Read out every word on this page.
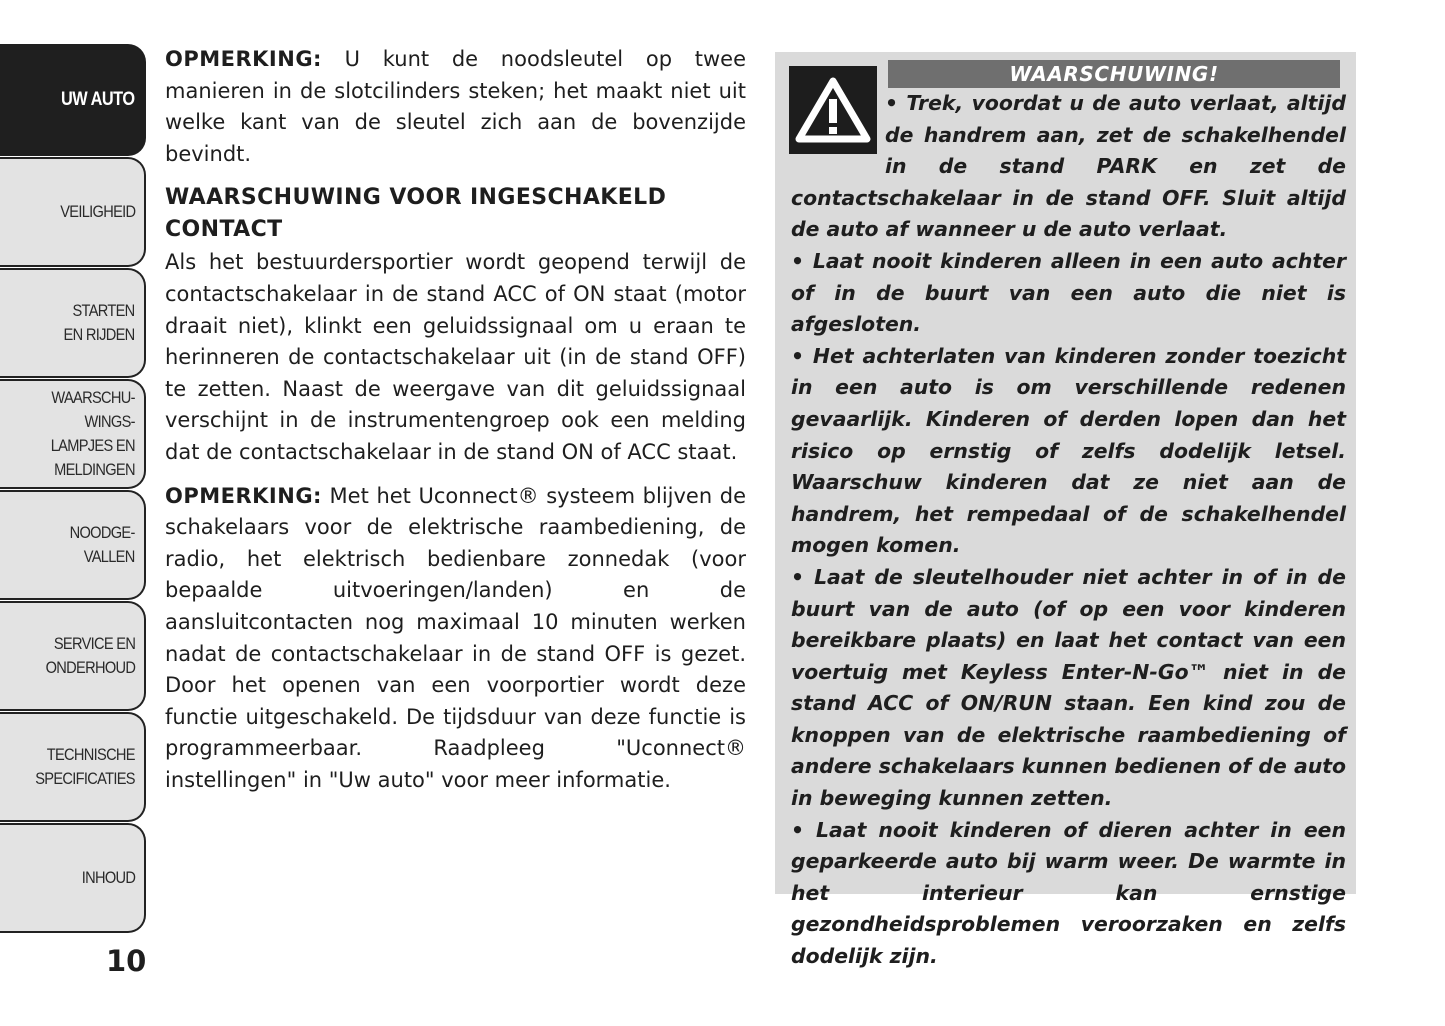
UW AUTO
VEILIGHEID
STARTEN
EN RIJDEN
WAARSCHU-
WINGS-
LAMPJES EN
MELDINGEN
NOODGE-
VALLEN
SERVICE EN
ONDERHOUD
TECHNISCHE
SPECIFICATIES
INHOUD
10

OPMERKING: U kunt de noodsleutel op twee manieren in de slotcilinders steken; het maakt niet uit welke kant van de sleutel zich aan de bovenzijde bevindt.

WAARSCHUWING VOOR INGESCHAKELD CONTACT

Als het bestuurdersportier wordt geopend terwijl de contactschakelaar in de stand ACC of ON staat (motor draait niet), klinkt een geluidssignaal om u eraan te herinneren de contactschakelaar uit (in de stand OFF) te zetten. Naast de weergave van dit geluidssignaal verschijnt in de instrumentengroep ook een melding dat de contactschakelaar in de stand ON of ACC staat.

OPMERKING: Met het Uconnect® systeem blijven de schakelaars voor de elektrische raambediening, de radio, het elektrisch bedienbare zonnedak (voor bepaalde uitvoeringen/landen) en de aansluitcontacten nog maximaal 10 minuten werken nadat de contactschakelaar in de stand OFF is gezet. Door het openen van een voorportier wordt deze functie uitgeschakeld. De tijdsduur van deze functie is programmeerbaar. Raadpleeg "Uconnect® instellingen" in "Uw auto" voor meer informatie.

WAARSCHUWING!

• Trek, voordat u de auto verlaat, altijd de handrem aan, zet de schakelhendel in de stand PARK en zet de contactschakelaar in de stand OFF. Sluit altijd de auto af wanneer u de auto verlaat.

• Laat nooit kinderen alleen in een auto achter of in de buurt van een auto die niet is afgesloten.

• Het achterlaten van kinderen zonder toezicht in een auto is om verschillende redenen gevaarlijk. Kinderen of derden lopen dan het risico op ernstig of zelfs dodelijk letsel. Waarschuw kinderen dat ze niet aan de handrem, het rempedaal of de schakelhendel mogen komen.

• Laat de sleutelhouder niet achter in of in de buurt van de auto (of op een voor kinderen bereikbare plaats) en laat het contact van een voertuig met Keyless Enter-N-Go™ niet in de stand ACC of ON/RUN staan. Een kind zou de knoppen van de elektrische raambediening of andere schakelaars kunnen bedienen of de auto in beweging kunnen zetten.

• Laat nooit kinderen of dieren achter in een geparkeerde auto bij warm weer. De warmte in het interieur kan ernstige gezondheidsproblemen veroorzaken en zelfs dodelijk zijn.
